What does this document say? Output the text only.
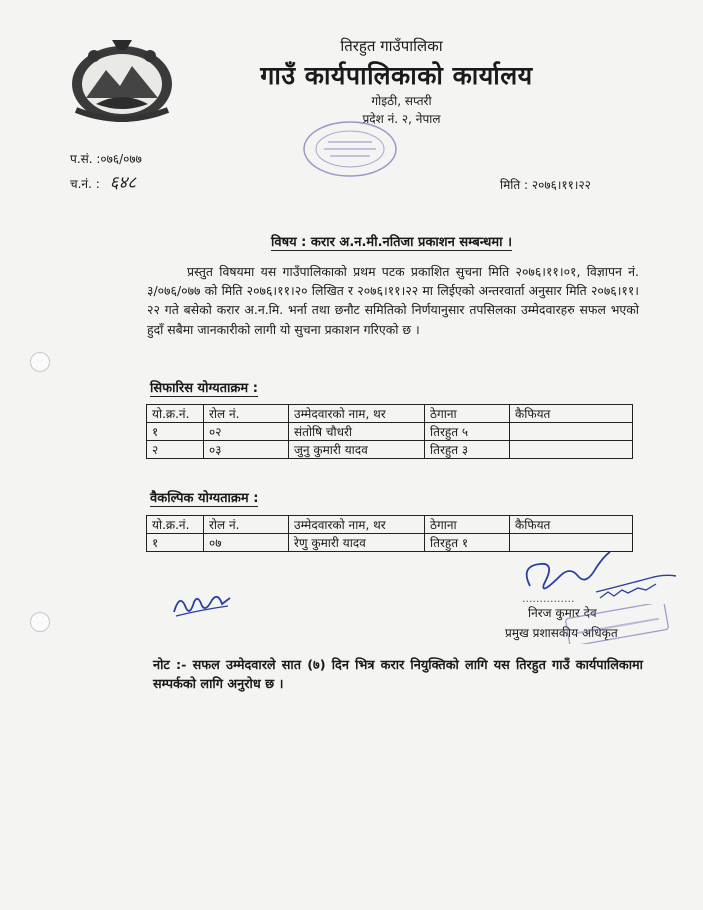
तिरहुत गाउँपालिका
गाउँ कार्यपालिकाको कार्यालय
गोइठी, सप्तरी
प्रदेश नं. २, नेपाल
प.सं. :०७६/०७७
च.नं. : ६४८	मिति : २०७६।११।२२
विषय : करार अ.न.मी.नतिजा प्रकाशन सम्बन्धमा ।
प्रस्तुत विषयमा यस गाउँपालिकाको प्रथम पटक प्रकाशित सुचना मिति २०७६।११।०१, विज्ञापन नं. ३/०७६/०७७ को मिति २०७६।११।२० लिखित र २०७६।११।२२ मा लिईएको अन्तरवार्ता अनुसार मिति २०७६।११।२२ गते बसेको करार अ.न.मि. भर्ना तथा छनौट समितिको निर्णयानुसार तपसिलका उम्मेदवारहरु सफल भएको हुदाँ सबैमा जानकारीको लागी यो सुचना प्रकाशन गरिएको छ ।
सिफारिस योग्यताक्रम :
यो.क्र.नं.	रोल नं.	उम्मेदवारको नाम, थर	ठेगाना	कैफियत
१	०२	संतोषि चौधरी	तिरहुत ५	
२	०३	जुनु कुमारी यादव	तिरहुत ३	
वैकल्पिक योग्यताक्रम :
यो.क्र.नं.	रोल नं.	उम्मेदवारको नाम, थर	ठेगाना	कैफियत
१	०७	रेणु कुमारी यादव	तिरहुत १	
...............
निरज कुमार देव
प्रमुख प्रशासकीय अधिकृत
नोट :- सफल उम्मेदवारले सात (७) दिन भित्र करार नियुक्तिको लागि यस तिरहुत गाउँ कार्यपालिकामा सम्पर्कको लागि अनुरोध छ ।
